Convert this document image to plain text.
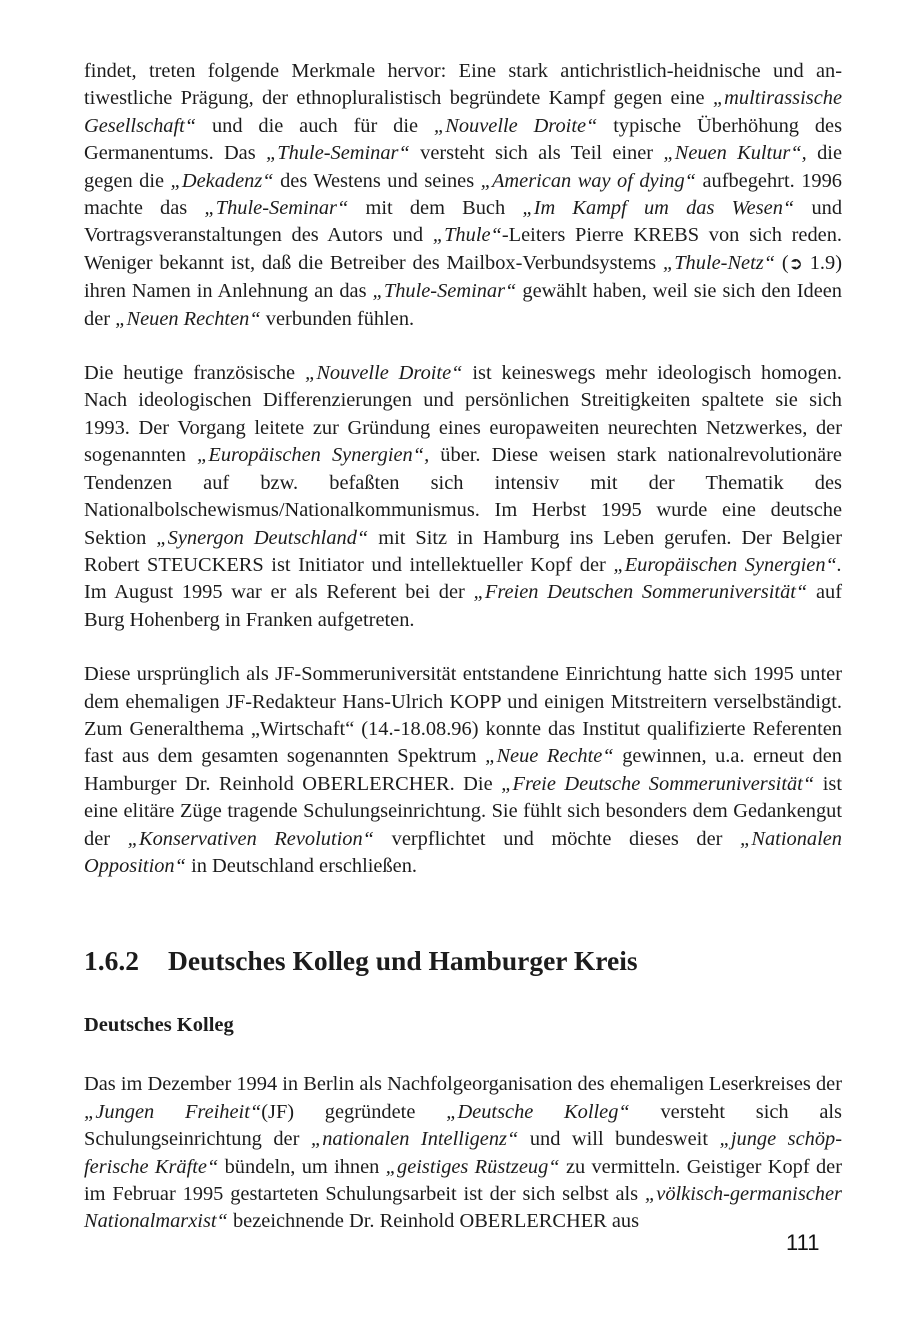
findet, treten folgende Merkmale hervor: Eine stark antichristlich-heidnische und antiwestliche Prägung, der ethnopluralistisch begründete Kampf gegen eine „multirassische Gesellschaft“ und die auch für die „Nouvelle Droite“ typische Überhöhung des Germanentums. Das „Thule-Seminar“ versteht sich als Teil einer „Neuen Kultur“, die gegen die „Dekadenz“ des Westens und seines „American way of dying“ aufbegehrt. 1996 machte das „Thule-Seminar“ mit dem Buch „Im Kampf um das Wesen“ und Vortragsveranstaltungen des Autors und „Thule“-Leiters Pierre KREBS von sich reden. Weniger bekannt ist, daß die Betreiber des Mailbox-Verbundsystems „Thule-Netz“ (➲ 1.9) ihren Namen in Anlehnung an das „Thule-Seminar“ gewählt haben, weil sie sich den Ideen der „Neuen Rechten“ verbunden fühlen.

Die heutige französische „Nouvelle Droite“ ist keineswegs mehr ideologisch homogen. Nach ideologischen Differenzierungen und persönlichen Streitigkeiten spaltete sie sich 1993. Der Vorgang leitete zur Gründung eines europaweiten neurechten Netzwerkes, der sogenannten „Europäischen Synergien“, über. Diese weisen stark nationalrevolutionäre Tendenzen auf bzw. befaßten sich intensiv mit der Thematik des Nationalbolschewismus/Nationalkommunismus. Im Herbst 1995 wurde eine deutsche Sektion „Synergon Deutschland“ mit Sitz in Hamburg ins Leben gerufen. Der Belgier Robert STEUCKERS ist Initiator und intellektueller Kopf der „Europäischen Synergien“. Im August 1995 war er als Referent bei der „Freien Deutschen Sommeruniversität“ auf Burg Hohenberg in Franken aufgetreten.

Diese ursprünglich als JF-Sommeruniversität entstandene Einrichtung hatte sich 1995 unter dem ehemaligen JF-Redakteur Hans-Ulrich KOPP und einigen Mitstreitern verselbständigt. Zum Generalthema „Wirtschaft“ (14.-18.08.96) konnte das Institut qualifizierte Referenten fast aus dem gesamten sogenannten Spektrum „Neue Rechte“ gewinnen, u.a. erneut den Hamburger Dr. Reinhold OBERLERCHER. Die „Freie Deutsche Sommeruniversität“ ist eine elitäre Züge tragende Schulungseinrichtung. Sie fühlt sich besonders dem Gedankengut der „Konservativen Revolution“ verpflichtet und möchte dieses der „Nationalen Opposition“ in Deutschland erschließen.

1.6.2 Deutsches Kolleg und Hamburger Kreis
Deutsches Kolleg

Das im Dezember 1994 in Berlin als Nachfolgeorganisation des ehemaligen Leserkreises der „Jungen Freiheit“(JF) gegründete „Deutsche Kolleg“ versteht sich als Schulungseinrichtung der „nationalen Intelligenz“ und will bundesweit „junge schöpferische Kräfte“ bündeln, um ihnen „geistiges Rüstzeug“ zu vermitteln. Geistiger Kopf der im Februar 1995 gestarteten Schulungsarbeit ist der sich selbst als „völkisch-germanischer Nationalmarxist“ bezeichnende Dr. Reinhold OBERLERCHER aus

111
